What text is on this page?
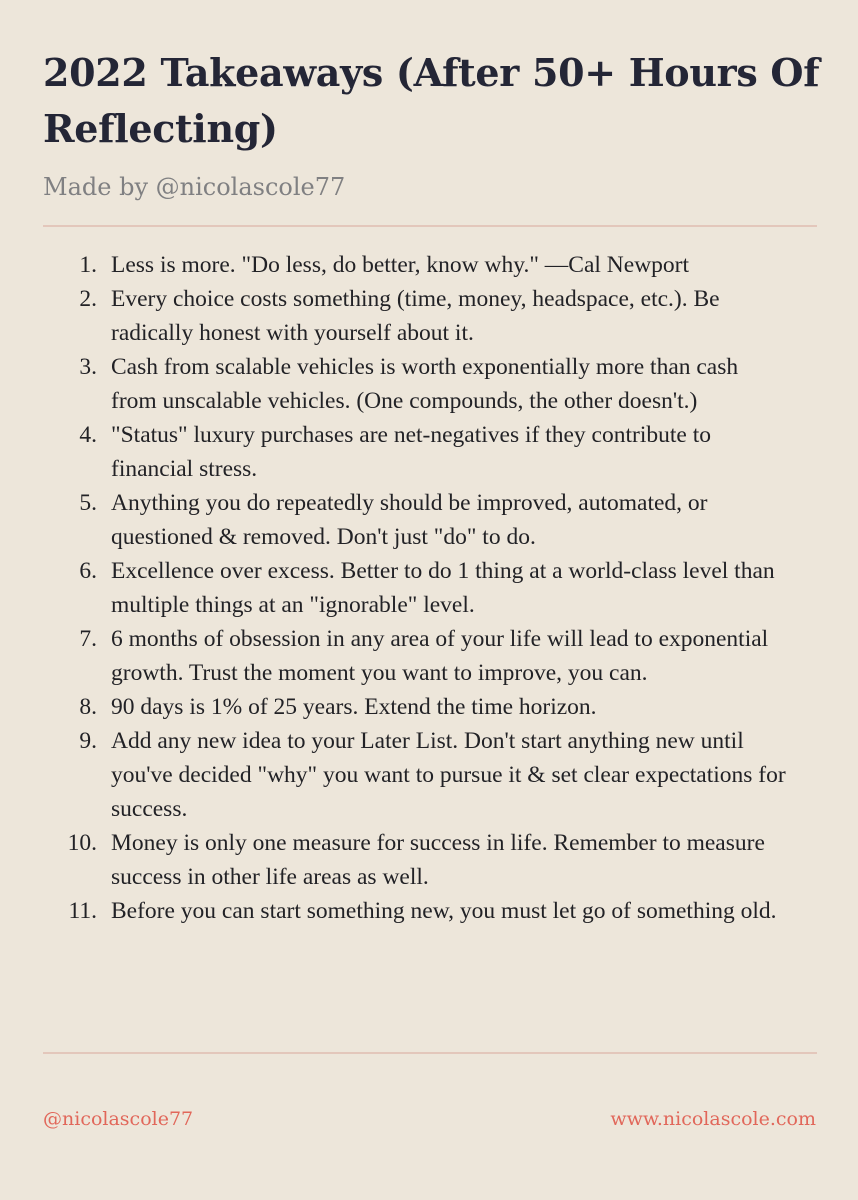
2022 Takeaways (After 50+ Hours Of Reflecting)

Made by @nicolascole77

1 . Less is more. "Do less, do better, know why." —Cal Newport
2 . Every choice costs something (time, money, headspace, etc.). Be radically honest with yourself about it.
3 . Cash from scalable vehicles is worth exponentially more than cash from unscalable vehicles. (One compounds, the other doesn't.)
4 . "Status" luxury purchases are net-negatives if they contribute to financial stress.
5 . Anything you do repeatedly should be improved, automated, or questioned & removed. Don't just "do" to do.
6 . Excellence over excess. Better to do 1 thing at a world-class level than multiple things at an "ignorable" level.
7 . 6 months of obsession in any area of your life will lead to exponential growth. Trust the moment you want to improve, you can.
8 . 90 days is 1% of 25 years. Extend the time horizon.
9 . Add any new idea to your Later List. Don't start anything new until you've decided "why" you want to pursue it & set clear expectations for success.
10 . Money is only one measure for success in life. Remember to measure success in other life areas as well.
11 . Before you can start something new, you must let go of something old.
@nicolascole77	www.nicolascole.com
